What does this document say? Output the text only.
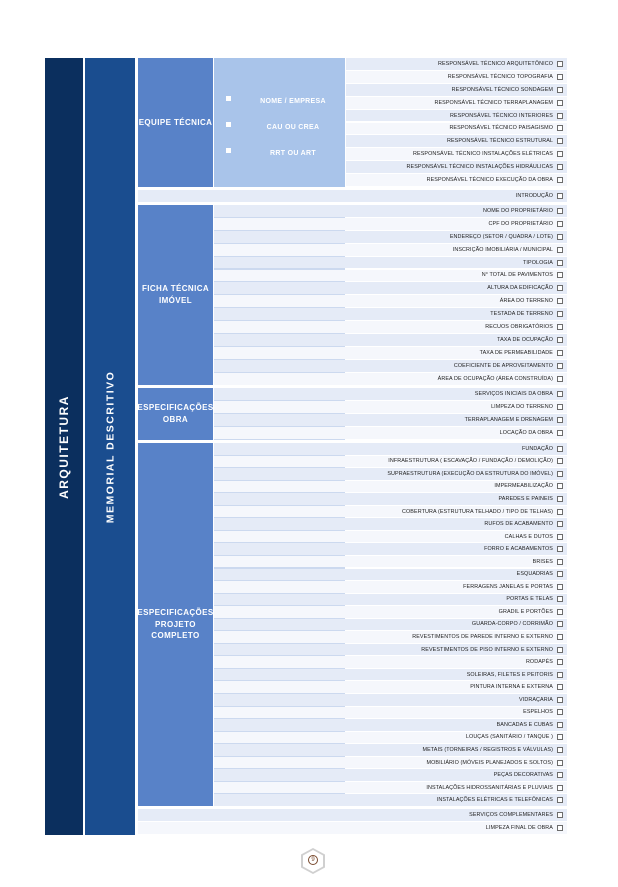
ARQUITETURA	MEMORIAL DESCRITIVO
EQUIPE TÉCNICA
NOME / EMPRESA
CAU OU CREA
RRT OU ART
FICHA TÉCNICA
IMÓVEL
ESPECIFICAÇÕES
OBRA
ESPECIFICAÇÕES
PROJETO
COMPLETO
RESPONSÁVEL TÉCNICO ARQUITETÔNICO
RESPONSÁVEL TÉCNICO TOPOGRAFIA
RESPONSÁVEL TÉCNICO SONDAGEM
RESPONSÁVEL TÉCNICO TERRAPLANAGEM
RESPONSÁVEL TÉCNICO INTERIORES
RESPONSÁVEL TÉCNICO PAISAGISMO
RESPONSÁVEL TÉCNICO ESTRUTURAL
RESPONSÁVEL TÉCNICO INSTALAÇÕES ELÉTRICAS
RESPONSÁVEL TÉCNICO INSTALAÇÕES HIDRÁULICAS
RESPONSÁVEL TÉCNICO EXECUÇÃO DA OBRA
INTRODUÇÃO
NOME DO PROPRIETÁRIO
CPF DO PROPRIETÁRIO
ENDEREÇO (SETOR / QUADRA / LOTE)
INSCRIÇÃO IMOBILIÁRIA / MUNICIPAL
TIPOLOGIA
N° TOTAL DE PAVIMENTOS
ALTURA DA EDIFICAÇÃO
ÁREA DO TERRENO
TESTADA DE TERRENO
RECUOS OBRIGATÓRIOS
TAXA DE OCUPAÇÃO
TAXA DE PERMEABILIDADE
COEFICIENTE DE APROVEITAMENTO
ÁREA DE OCUPAÇÃO (ÁREA CONSTRUÍDA)
SERVIÇOS INICIAIS DA OBRA
LIMPEZA DO TERRENO
TERRAPLANAGEM E DRENAGEM
LOCAÇÃO DA OBRA
FUNDAÇÃO
INFRAESTRUTURA ( ESCAVAÇÃO / FUNDAÇÃO / DEMOLIÇÃO)
SUPRAESTRUTURA (EXECUÇÃO DA ESTRUTURA DO IMÓVEL)
IMPERMEABILIZAÇÃO
PAREDES E PAINEIS
COBERTURA (ESTRUTURA TELHADO / TIPO DE TELHAS)
RUFOS DE ACABAMENTO
CALHAS E DUTOS
FORRO E ACABAMENTOS
BRISES
ESQUADRIAS
FERRAGENS JANELAS E PORTAS
PORTAS E TELAS
GRADIL E PORTÕES
GUARDA-CORPO / CORRIMÃO
REVESTIMENTOS DE PAREDE INTERNO E EXTERNO
REVESTIMENTOS DE PISO INTERNO E EXTERNO
RODAPÉS
SOLEIRAS, FILETES E PEITORIS
PINTURA INTERNA E EXTERNA
VIDRAÇARIA
ESPELHOS
BANCADAS E CUBAS
LOUÇAS (SANITÁRIO / TANQUE )
METAIS (TORNEIRAS / REGISTROS E VÁLVULAS)
MOBILIÁRIO (MÓVEIS PLANEJADOS E SOLTOS)
PEÇAS DECORATIVAS
INSTALAÇÕES HIDROSSANITÁRIAS E PLUVIAIS
INSTALAÇÕES ELÉTRICAS E TELEFÔNICAS
SERVIÇOS COMPLEMENTARES
LIMPEZA FINAL DE OBRA
9
